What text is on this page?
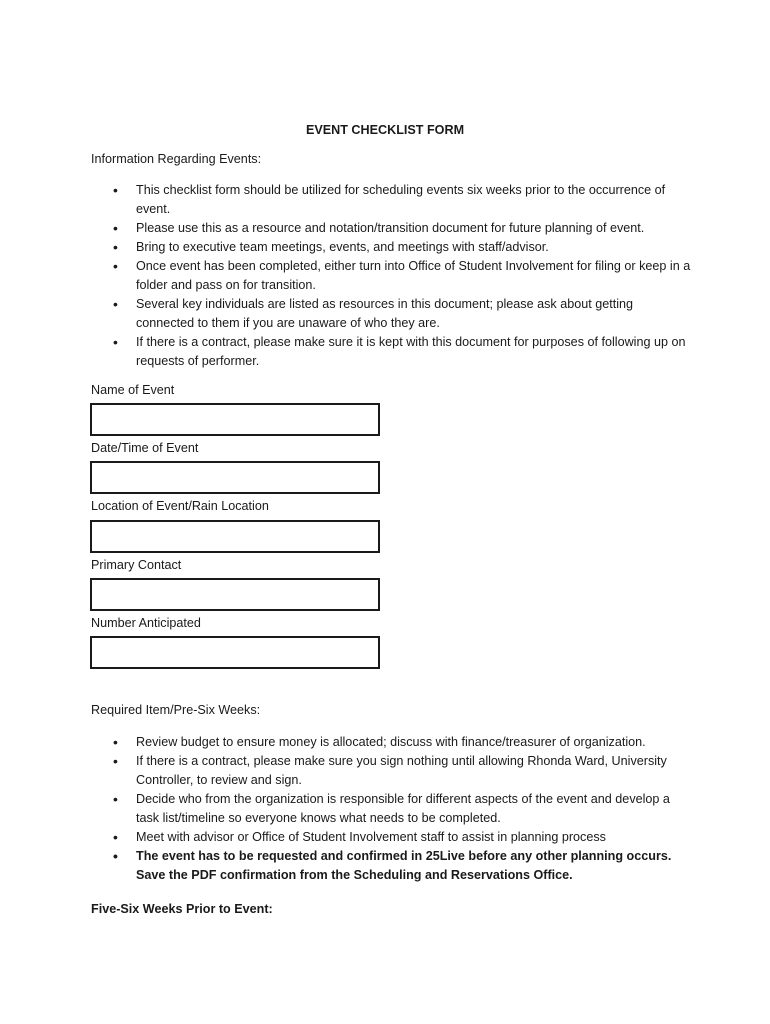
EVENT CHECKLIST FORM
Information Regarding Events:
• This checklist form should be utilized for scheduling events six weeks prior to the occurrence of event.
• Please use this as a resource and notation/transition document for future planning of event.
• Bring to executive team meetings, events, and meetings with staff/advisor.
• Once event has been completed, either turn into Office of Student Involvement for filing or keep in a folder and pass on for transition.
• Several key individuals are listed as resources in this document; please ask about getting connected to them if you are unaware of who they are.
• If there is a contract, please make sure it is kept with this document for purposes of following up on requests of performer.
Name of Event
Date/Time of Event
Location of Event/Rain Location
Primary Contact
Number Anticipated
Required Item/Pre-Six Weeks:
• Review budget to ensure money is allocated; discuss with finance/treasurer of organization.
• If there is a contract, please make sure you sign nothing until allowing Rhonda Ward, University Controller, to review and sign.
• Decide who from the organization is responsible for different aspects of the event and develop a task list/timeline so everyone knows what needs to be completed.
• Meet with advisor or Office of Student Involvement staff to assist in planning process
• The event has to be requested and confirmed in 25Live before any other planning occurs. Save the PDF confirmation from the Scheduling and Reservations Office.
Five-Six Weeks Prior to Event:
